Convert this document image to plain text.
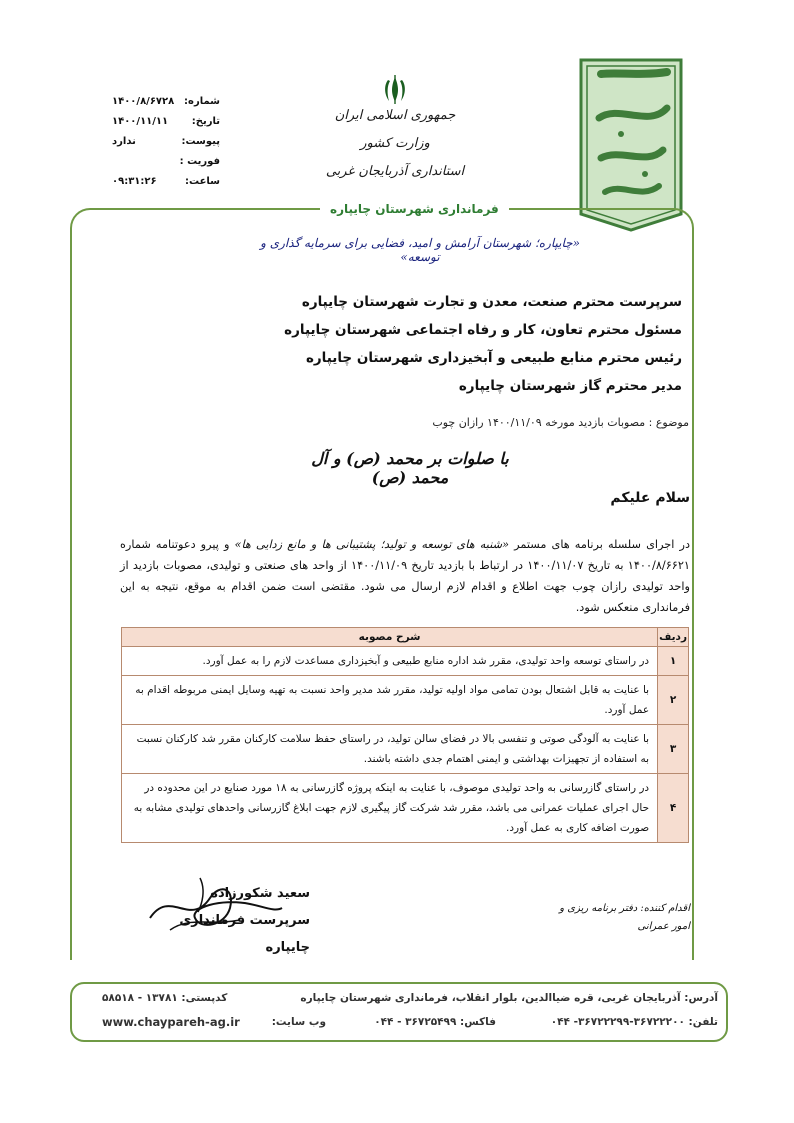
شماره:
۱۴۰۰/۸/۶۷۲۸
تاریخ:
۱۴۰۰/۱۱/۱۱
پیوست:
ندارد
فوریت :
ساعت:
۰۹:۳۱:۲۶
جمهوری اسلامی ایران
وزارت کشور
استانداری آذربایجان غربی
فرمانداری شهرستان چایپاره
«چایپاره؛ شهرستان آرامش و امید، فضایی برای سرمایه گذاری و توسعه»
سرپرست محترم صنعت، معدن و تجارت شهرستان چایپاره
مسئول محترم تعاون، کار و رفاه اجتماعی شهرستان چایپاره
رئیس محترم منابع طبیعی و آبخیزداری شهرستان چایپاره
مدیر محترم گاز شهرستان چایپاره
موضوع : مصوبات بازدید مورخه ۱۴۰۰/۱۱/۰۹ رازان چوب
با صلوات بر محمد (ص) و آل محمد (ص)
سلام علیکم
در اجرای سلسله برنامه های مستمر «شنبه های توسعه و تولید؛ پشتیبانی ها و مانع زدایی ها» و پیرو دعوتنامه شماره ۱۴۰۰/۸/۶۶۲۱ به تاریخ ۱۴۰۰/۱۱/۰۷ در ارتباط با بازدید تاریخ ۱۴۰۰/۱۱/۰۹ از واحد های صنعتی و تولیدی، مصوبات بازدید از واحد تولیدی رازان چوب جهت اطلاع و اقدام لازم ارسال می شود. مقتضی است ضمن اقدام به موقع، نتیجه به این فرمانداری منعکس شود.
ردیف	شرح مصوبه
۱	در راستای توسعه واحد تولیدی، مقرر شد اداره منابع طبیعی و آبخیزداری مساعدت لازم را به عمل آورد.
۲	با عنایت به قابل اشتعال بودن تمامی مواد اولیه تولید، مقرر شد مدیر واحد نسبت به تهیه وسایل ایمنی مربوطه اقدام به عمل آورد.
۳	با عنایت به آلودگی صوتی و تنفسی بالا در فضای سالن تولید، در راستای حفظ سلامت کارکنان مقرر شد کارکنان نسبت به استفاده از تجهیزات بهداشتی و ایمنی اهتمام جدی داشته باشند.
۴	در راستای گازرسانی به واحد تولیدی موصوف، با عنایت به اینکه پروژه گازرسانی به ۱۸ مورد صنایع در این محدوده در حال اجرای عملیات عمرانی می باشد، مقرر شد شرکت گاز پیگیری لازم جهت ابلاغ گازرسانی واحدهای تولیدی مشابه به صورت اضافه کاری به عمل آورد.
سعید شکورزاده
سرپرست فرمانداری چایپاره
اقدام کننده: دفتر برنامه ریزی و امور عمرانی
آدرس: آذربایجان غربی، قره ضیاالدین، بلوار انقلاب، فرمانداری شهرستان چایپاره
کدپستی: ۱۳۷۸۱ - ۵۸۵۱۸
تلفن: ۳۶۷۲۲۲۰۰-۳۶۷۲۲۲۹۹- ۰۴۴
فاکس: ۳۶۷۲۵۴۹۹ - ۰۴۴
وب سایت:
www.chaypareh-ag.ir
